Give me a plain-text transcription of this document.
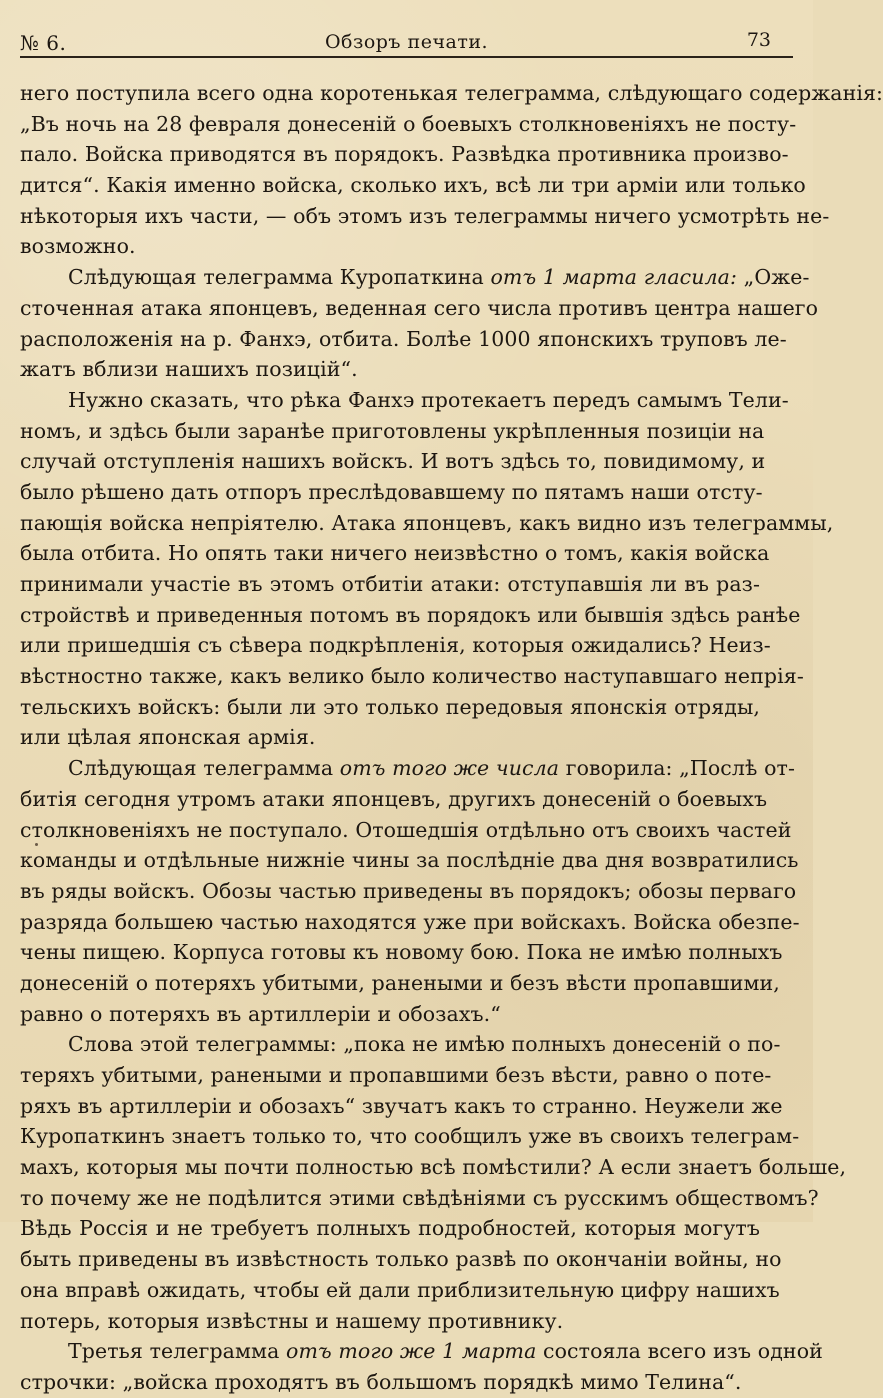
№ 6.	Обзоръ печати.	73
него поступила всего одна коротенькая телеграмма, слѣдующаго содержанія:
„Въ ночь на 28 февраля донесеній о боевыхъ столкновеніяхъ не посту-
пало. Войска приводятся въ порядокъ. Развѣдка противника произво-
дится“. Какія именно войска, сколько ихъ, всѣ ли три арміи или только
нѣкоторыя ихъ части, — объ этомъ изъ телеграммы ничего усмотрѣть не-
возможно.
Слѣдующая телеграмма Куропаткина отъ 1 марта гласила: „Оже-
сточенная атака японцевъ, веденная сего числа противъ центра нашего
расположенія на р. Фанхэ, отбита. Болѣе 1000 японскихъ труповъ ле-
жатъ вблизи нашихъ позицій“.
Нужно сказать, что рѣка Фанхэ протекаетъ передъ самымъ Тели-
номъ, и здѣсь были заранѣе приготовлены укрѣпленныя позиціи на
случай отступленія нашихъ войскъ. И вотъ здѣсь то, повидимому, и
было рѣшено дать отпоръ преслѣдовавшему по пятамъ наши отсту-
пающія войска непріятелю. Атака японцевъ, какъ видно изъ телеграммы,
была отбита. Но опять таки ничего неизвѣстно о томъ, какія войска
принимали участіе въ этомъ отбитіи атаки: отступавшія ли въ раз-
стройствѣ и приведенныя потомъ въ порядокъ или бывшія здѣсь ранѣе
или пришедшія съ сѣвера подкрѣпленія, которыя ожидались? Неиз-
вѣстностно также, какъ велико было количество наступавшаго непрія-
тельскихъ войскъ: были ли это только передовыя японскія отряды,
или цѣлая японская армія.
Слѣдующая телеграмма отъ того же числа говорила: „Послѣ от-
битія сегодня утромъ атаки японцевъ, другихъ донесеній о боевыхъ
столкновеніяхъ не поступало. Отошедшія отдѣльно отъ своихъ частей
команды и отдѣльные нижніе чины за послѣдніе два дня возвратились
въ ряды войскъ. Обозы частью приведены въ порядокъ; обозы перваго
разряда большею частью находятся уже при войскахъ. Войска обезпе-
чены пищею. Корпуса готовы къ новому бою. Пока не имѣю полныхъ
донесеній о потеряхъ убитыми, ранеными и безъ вѣсти пропавшими,
равно о потеряхъ въ артиллеріи и обозахъ.“
Слова этой телеграммы: „пока не имѣю полныхъ донесеній о по-
теряхъ убитыми, ранеными и пропавшими безъ вѣсти, равно о поте-
ряхъ въ артиллеріи и обозахъ“ звучатъ какъ то странно. Неужели же
Куропаткинъ знаетъ только то, что сообщилъ уже въ своихъ телеграм-
махъ, которыя мы почти полностью всѣ помѣстили? А если знаетъ больше,
то почему же не подѣлится этими свѣдѣніями съ русскимъ обществомъ?
Вѣдь Россія и не требуетъ полныхъ подробностей, которыя могутъ
быть приведены въ извѣстность только развѣ по окончаніи войны, но
она вправѣ ожидать, чтобы ей дали приблизительную цифру нашихъ
потерь, которыя извѣстны и нашему противнику.
Третья телеграмма отъ того же 1 марта состояла всего изъ одной
строчки: „войска проходятъ въ большомъ порядкѣ мимо Телина“.
